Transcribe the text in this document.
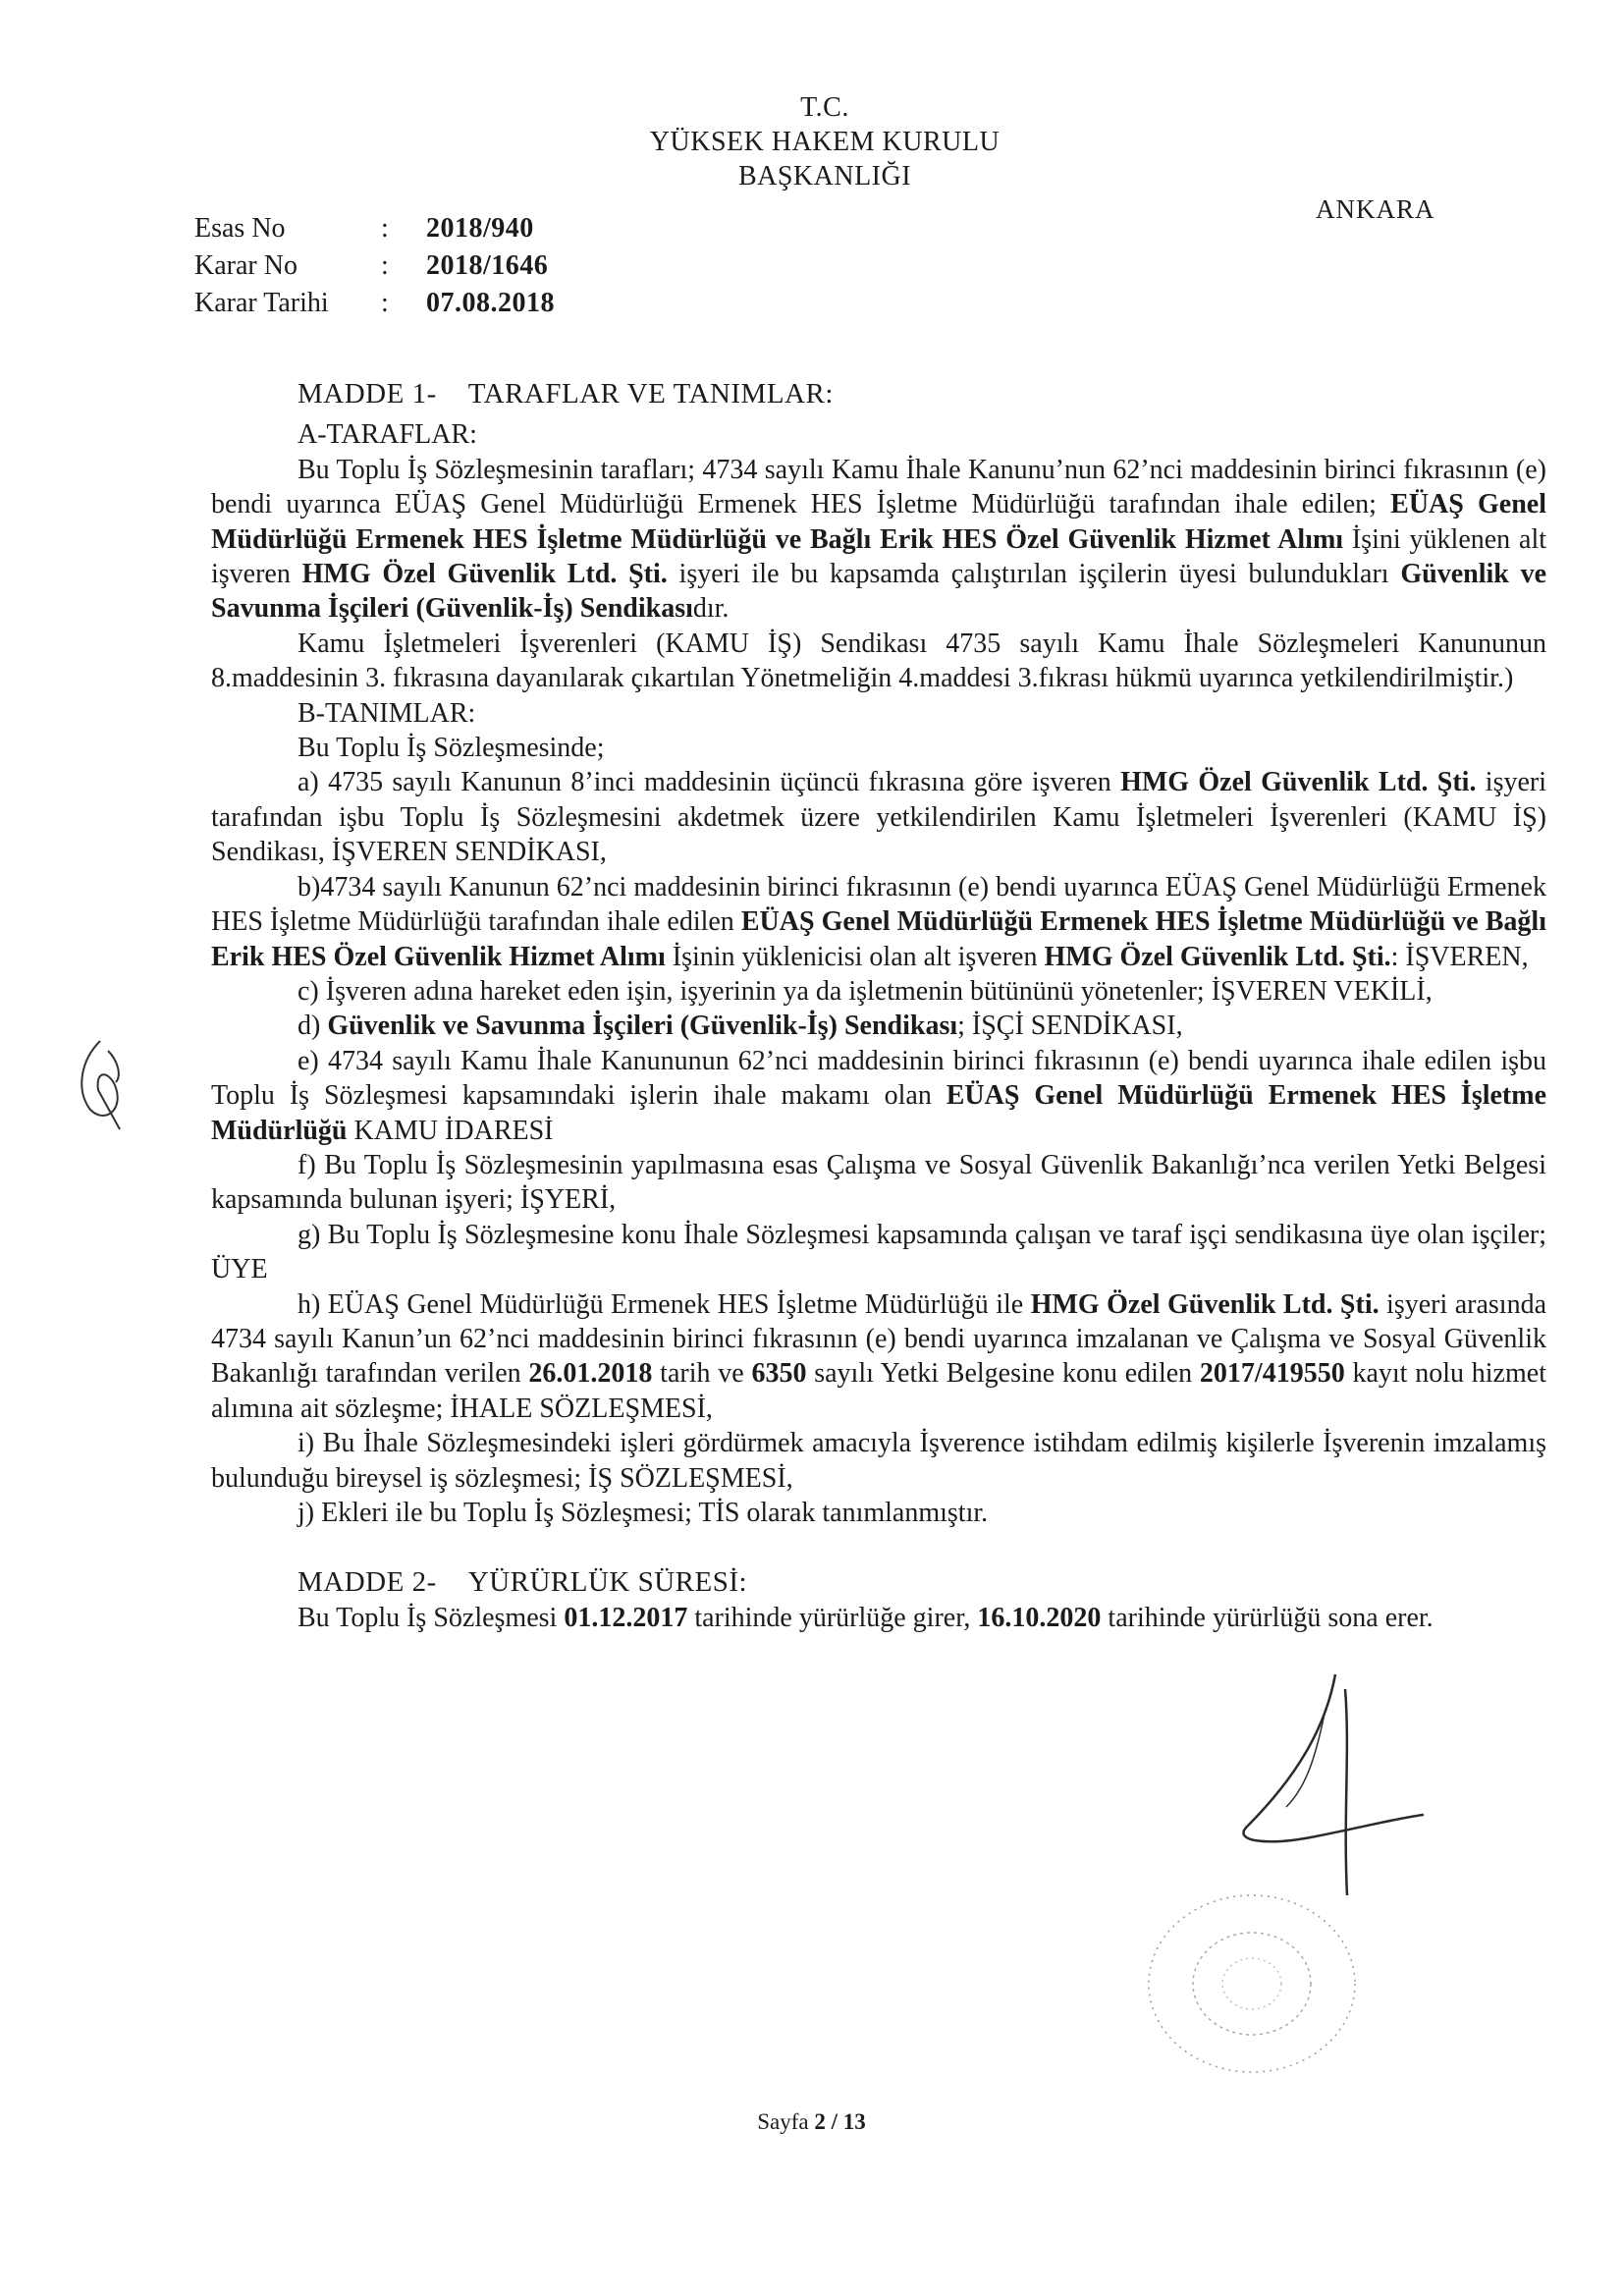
T.C.
YÜKSEK HAKEM KURULU
BAŞKANLIĞI
ANKARA
Esas No	:	2018/940
Karar No	:	2018/1646
Karar Tarihi	:	07.08.2018

MADDE 1- TARAFLAR VE TANIMLAR:

A-TARAFLAR:

Bu Toplu İş Sözleşmesinin tarafları; 4734 sayılı Kamu İhale Kanunu’nun 62’nci maddesinin birinci fıkrasının (e) bendi uyarınca EÜAŞ Genel Müdürlüğü Ermenek HES İşletme Müdürlüğü tarafından ihale edilen; EÜAŞ Genel Müdürlüğü Ermenek HES İşletme Müdürlüğü ve Bağlı Erik HES Özel Güvenlik Hizmet Alımı İşini yüklenen alt işveren HMG Özel Güvenlik Ltd. Şti. işyeri ile bu kapsamda çalıştırılan işçilerin üyesi bulundukları Güvenlik ve Savunma İşçileri (Güvenlik-İş) Sendikasıdır.

Kamu İşletmeleri İşverenleri (KAMU İŞ) Sendikası 4735 sayılı Kamu İhale Sözleşmeleri Kanununun 8.maddesinin 3. fıkrasına dayanılarak çıkartılan Yönetmeliğin 4.maddesi 3.fıkrası hükmü uyarınca yetkilendirilmiştir.)

B-TANIMLAR:

Bu Toplu İş Sözleşmesinde;

a) 4735 sayılı Kanunun 8’inci maddesinin üçüncü fıkrasına göre işveren HMG Özel Güvenlik Ltd. Şti. işyeri tarafından işbu Toplu İş Sözleşmesini akdetmek üzere yetkilendirilen Kamu İşletmeleri İşverenleri (KAMU İŞ) Sendikası, İŞVEREN SENDİKASI,

b)4734 sayılı Kanunun 62’nci maddesinin birinci fıkrasının (e) bendi uyarınca EÜAŞ Genel Müdürlüğü Ermenek HES İşletme Müdürlüğü tarafından ihale edilen EÜAŞ Genel Müdürlüğü Ermenek HES İşletme Müdürlüğü ve Bağlı Erik HES Özel Güvenlik Hizmet Alımı İşinin yüklenicisi olan alt işveren HMG Özel Güvenlik Ltd. Şti.: İŞVEREN,

c) İşveren adına hareket eden işin, işyerinin ya da işletmenin bütününü yönetenler; İŞVEREN VEKİLİ,

d) Güvenlik ve Savunma İşçileri (Güvenlik-İş) Sendikası; İŞÇİ SENDİKASI,

e) 4734 sayılı Kamu İhale Kanununun 62’nci maddesinin birinci fıkrasının (e) bendi uyarınca ihale edilen işbu Toplu İş Sözleşmesi kapsamındaki işlerin ihale makamı olan EÜAŞ Genel Müdürlüğü Ermenek HES İşletme Müdürlüğü KAMU İDARESİ

f) Bu Toplu İş Sözleşmesinin yapılmasına esas Çalışma ve Sosyal Güvenlik Bakanlığı’nca verilen Yetki Belgesi kapsamında bulunan işyeri; İŞYERİ,

g) Bu Toplu İş Sözleşmesine konu İhale Sözleşmesi kapsamında çalışan ve taraf işçi sendikasına üye olan işçiler; ÜYE

h) EÜAŞ Genel Müdürlüğü Ermenek HES İşletme Müdürlüğü ile HMG Özel Güvenlik Ltd. Şti. işyeri arasında 4734 sayılı Kanun’un 62’nci maddesinin birinci fıkrasının (e) bendi uyarınca imzalanan ve Çalışma ve Sosyal Güvenlik Bakanlığı tarafından verilen 26.01.2018 tarih ve 6350 sayılı Yetki Belgesine konu edilen 2017/419550 kayıt nolu hizmet alımına ait sözleşme; İHALE SÖZLEŞMESİ,

i) Bu İhale Sözleşmesindeki işleri gördürmek amacıyla İşverence istihdam edilmiş kişilerle İşverenin imzalamış bulunduğu bireysel iş sözleşmesi; İŞ SÖZLEŞMESİ,

j) Ekleri ile bu Toplu İş Sözleşmesi; TİS olarak tanımlanmıştır.

MADDE 2- YÜRÜRLÜK SÜRESİ:

Bu Toplu İş Sözleşmesi 01.12.2017 tarihinde yürürlüğe girer, 16.10.2020 tarihinde yürürlüğü sona erer.

Sayfa 2 / 13
